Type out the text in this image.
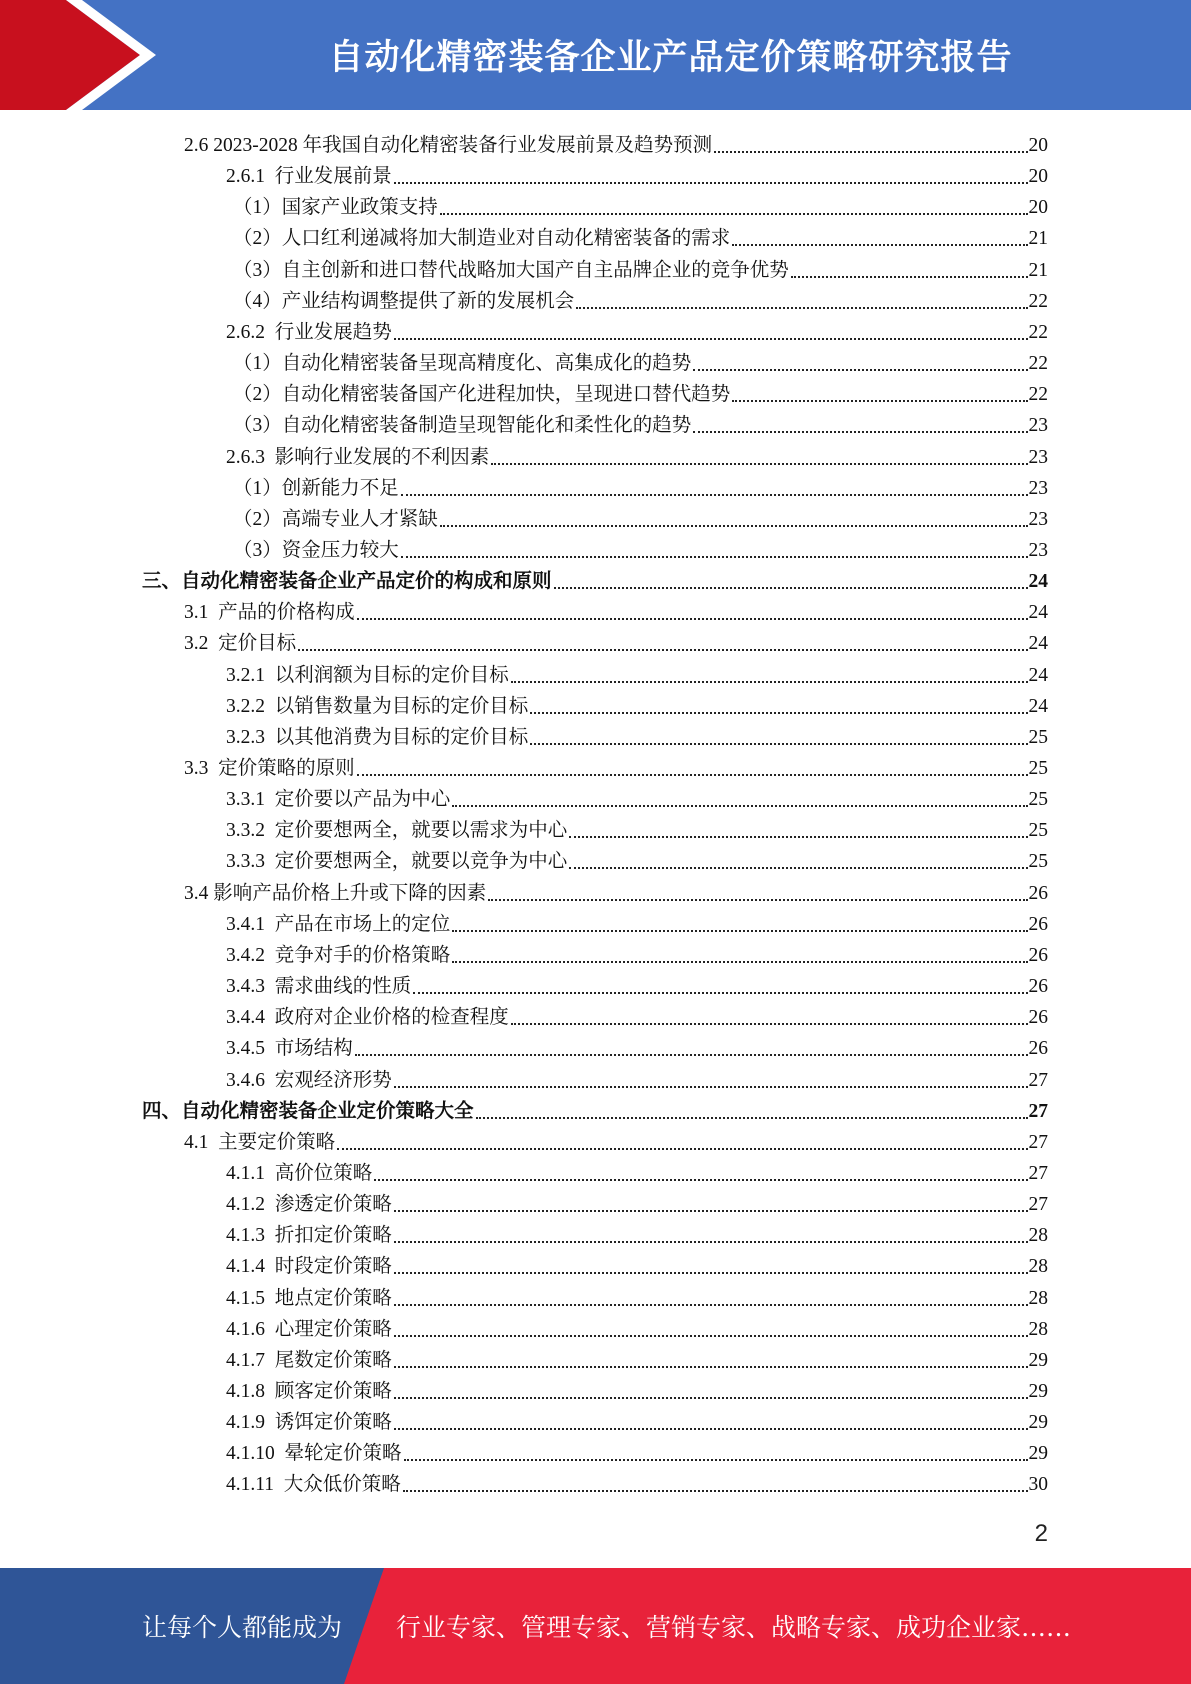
自动化精密装备企业产品定价策略研究报告
2.6 2023-2028 年我国自动化精密装备行业发展前景及趋势预测	20
2.6.1  行业发展前景	20
（1）国家产业政策支持	20
（2）人口红利递减将加大制造业对自动化精密装备的需求	21
（3）自主创新和进口替代战略加大国产自主品牌企业的竞争优势	21
（4）产业结构调整提供了新的发展机会	22
2.6.2  行业发展趋势	22
（1）自动化精密装备呈现高精度化、高集成化的趋势	22
（2）自动化精密装备国产化进程加快，呈现进口替代趋势	22
（3）自动化精密装备制造呈现智能化和柔性化的趋势	23
2.6.3  影响行业发展的不利因素	23
（1）创新能力不足	23
（2）高端专业人才紧缺	23
（3）资金压力较大	23
三、自动化精密装备企业产品定价的构成和原则	24
3.1  产品的价格构成	24
3.2  定价目标	24
3.2.1  以利润额为目标的定价目标	24
3.2.2  以销售数量为目标的定价目标	24
3.2.3  以其他消费为目标的定价目标	25
3.3  定价策略的原则	25
3.3.1  定价要以产品为中心	25
3.3.2  定价要想两全，就要以需求为中心	25
3.3.3  定价要想两全，就要以竞争为中心	25
3.4 影响产品价格上升或下降的因素	26
3.4.1  产品在市场上的定位	26
3.4.2  竞争对手的价格策略	26
3.4.3  需求曲线的性质	26
3.4.4  政府对企业价格的检查程度	26
3.4.5  市场结构	26
3.4.6  宏观经济形势	27
四、自动化精密装备企业定价策略大全	27
4.1  主要定价策略	27
4.1.1  高价位策略	27
4.1.2  渗透定价策略	27
4.1.3  折扣定价策略	28
4.1.4  时段定价策略	28
4.1.5  地点定价策略	28
4.1.6  心理定价策略	28
4.1.7  尾数定价策略	29
4.1.8  顾客定价策略	29
4.1.9  诱饵定价策略	29
4.1.10  晕轮定价策略	29
4.1.11  大众低价策略	30
2
让每个人都能成为 行业专家、管理专家、营销专家、战略专家、成功企业家……
